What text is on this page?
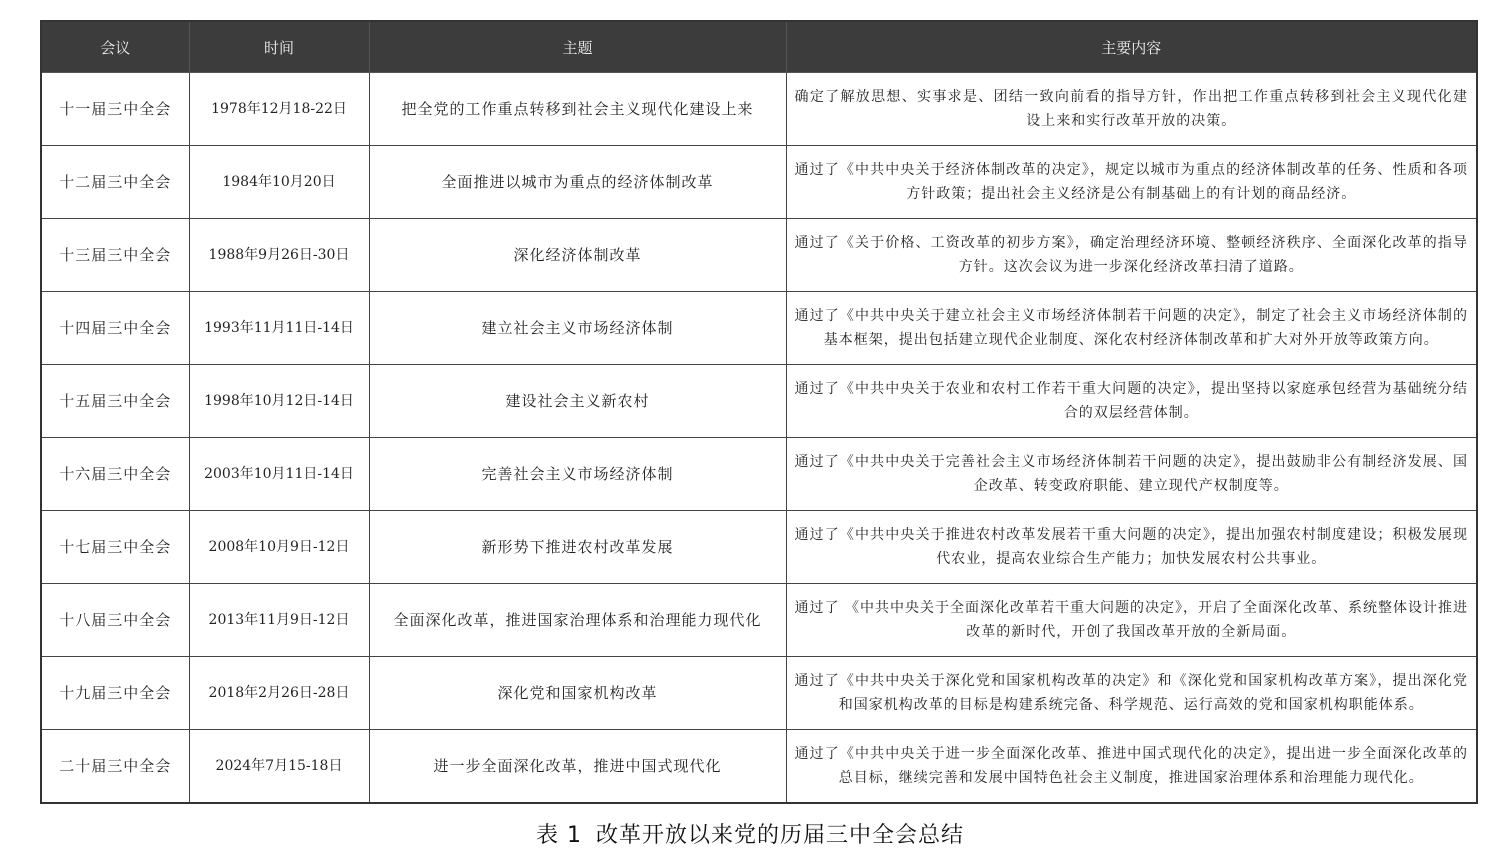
会议	时间	主题	主要内容
十一届三中全会	1978年12月18-22日	把全党的工作重点转移到社会主义现代化建设上来	确定了解放思想、实事求是、团结一致向前看的指导方针，作出把工作重点转移到社会主义现代化建设上来和实行改革开放的决策。
十二届三中全会	1984年10月20日	全面推进以城市为重点的经济体制改革	通过了《中共中央关于经济体制改革的决定》，规定以城市为重点的经济体制改革的任务、性质和各项方针政策；提出社会主义经济是公有制基础上的有计划的商品经济。
十三届三中全会	1988年9月26日-30日	深化经济体制改革	通过了《关于价格、工资改革的初步方案》，确定治理经济环境、整顿经济秩序、全面深化改革的指导方针。这次会议为进一步深化经济改革扫清了道路。
十四届三中全会	1993年11月11日-14日	建立社会主义市场经济体制	通过了《中共中央关于建立社会主义市场经济体制若干问题的决定》，制定了社会主义市场经济体制的基本框架，提出包括建立现代企业制度、深化农村经济体制改革和扩大对外开放等政策方向。
十五届三中全会	1998年10月12日-14日	建设社会主义新农村	通过了《中共中央关于农业和农村工作若干重大问题的决定》，提出坚持以家庭承包经营为基础统分结合的双层经营体制。
十六届三中全会	2003年10月11日-14日	完善社会主义市场经济体制	通过了《中共中央关于完善社会主义市场经济体制若干问题的决定》，提出鼓励非公有制经济发展、国企改革、转变政府职能、建立现代产权制度等。
十七届三中全会	2008年10月9日-12日	新形势下推进农村改革发展	通过了《中共中央关于推进农村改革发展若干重大问题的决定》，提出加强农村制度建设；积极发展现代农业，提高农业综合生产能力；加快发展农村公共事业。
十八届三中全会	2013年11月9日-12日	全面深化改革，推进国家治理体系和治理能力现代化	通过了 《中共中央关于全面深化改革若干重大问题的决定》，开启了全面深化改革、系统整体设计推进改革的新时代，开创了我国改革开放的全新局面。
十九届三中全会	2018年2月26日-28日	深化党和国家机构改革	通过了《中共中央关于深化党和国家机构改革的决定》和《深化党和国家机构改革方案》，提出深化党和国家机构改革的目标是构建系统完备、科学规范、运行高效的党和国家机构职能体系。
二十届三中全会	2024年7月15-18日	进一步全面深化改革，推进中国式现代化	通过了《中共中央关于进一步全面深化改革、推进中国式现代化的决定》，提出进一步全面深化改革的总目标，继续完善和发展中国特色社会主义制度，推进国家治理体系和治理能力现代化。
表 1 改革开放以来党的历届三中全会总结
